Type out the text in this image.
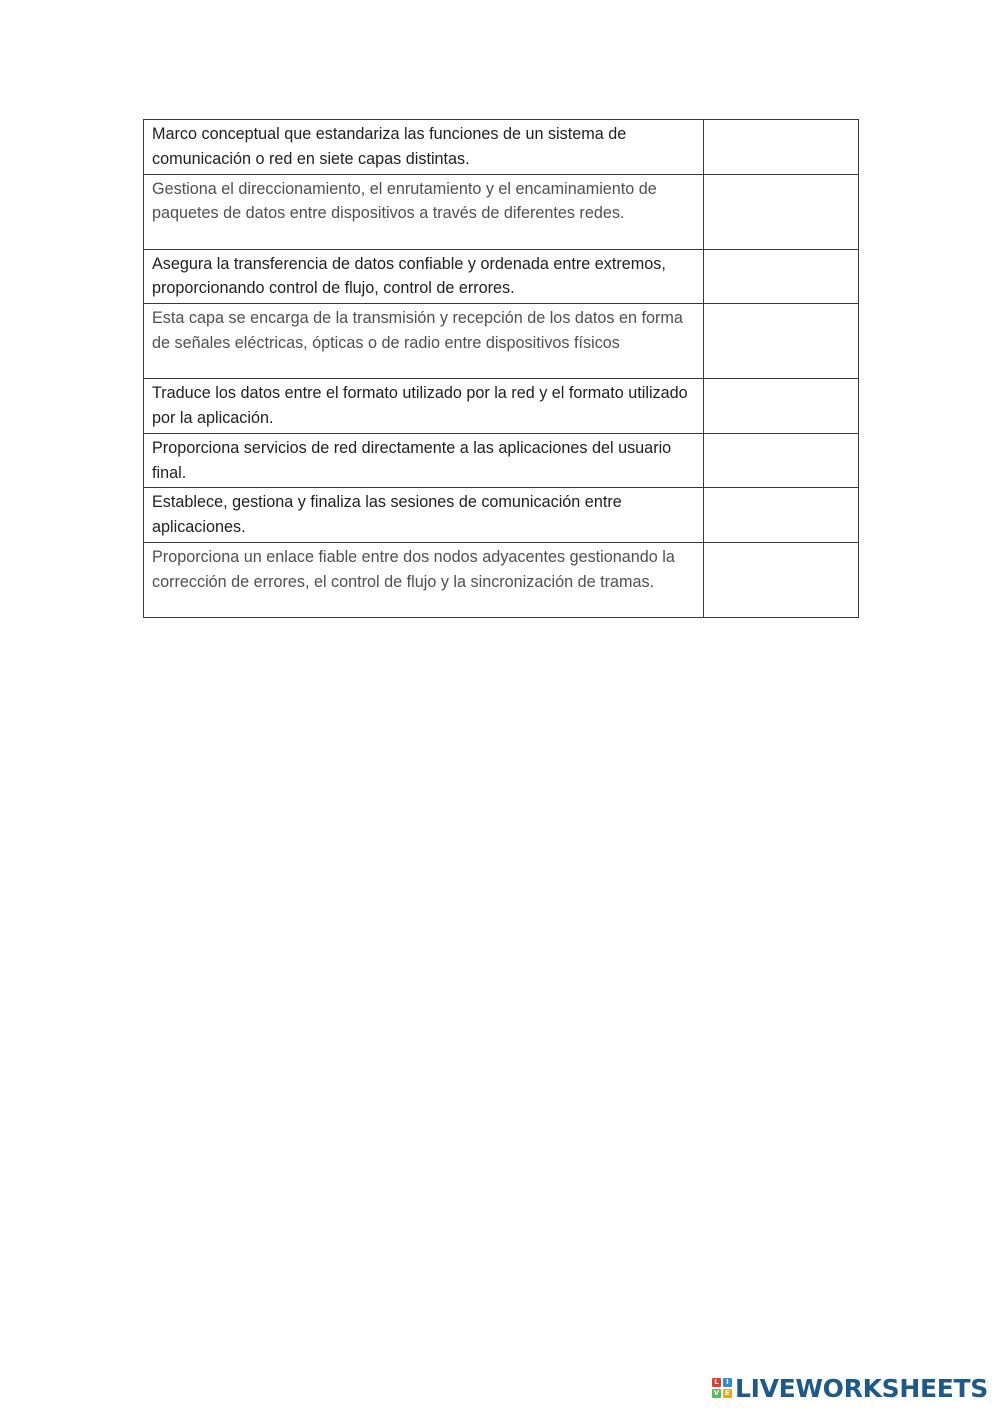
Marco conceptual que estandariza las funciones de un sistema de comunicación o red en siete capas distintas.

Gestiona el direccionamiento, el enrutamiento y el encaminamiento de paquetes de datos entre dispositivos a través de diferentes redes.

Asegura la transferencia de datos confiable y ordenada entre extremos, proporcionando control de flujo, control de errores.

Esta capa se encarga de la transmisión y recepción de los datos en forma de señales eléctricas, ópticas o de radio entre dispositivos físicos

Traduce los datos entre el formato utilizado por la red y el formato utilizado por la aplicación.

Proporciona servicios de red directamente a las aplicaciones del usuario final.

Establece, gestiona y finaliza las sesiones de comunicación entre aplicaciones.

Proporciona un enlace fiable entre dos nodos adyacentes gestionando la corrección de errores, el control de flujo y la sincronización de tramas.

L	I
V E LIVEWORKSHEETS
